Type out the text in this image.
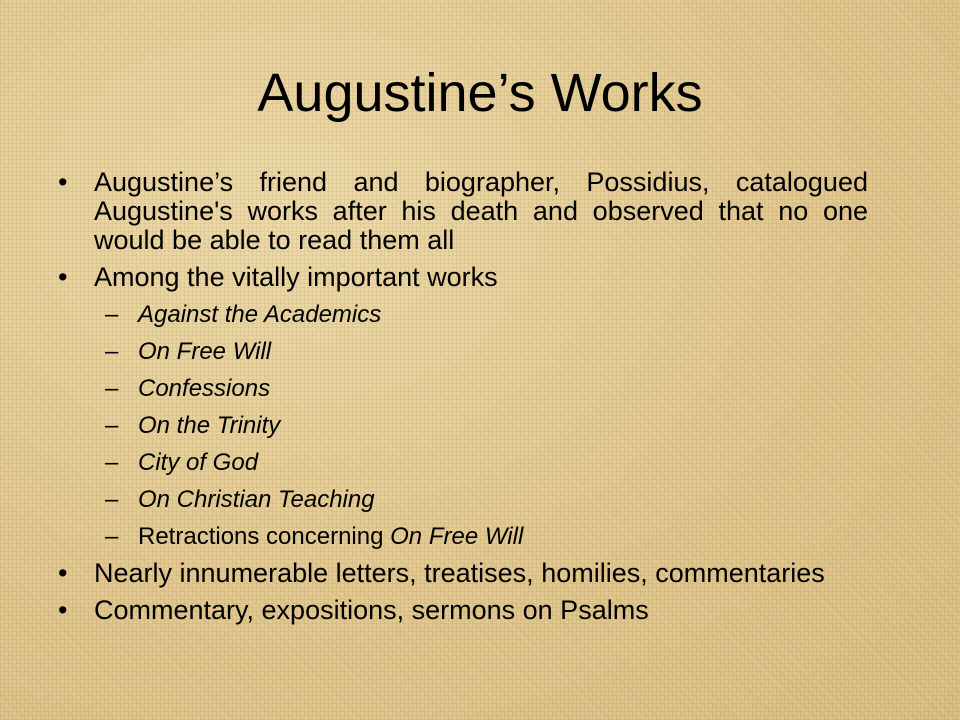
Augustine’s Works
• Augustine’s friend and biographer, Possidius, catalogued Augustine's works after his death and observed that no one would be able to read them all
• Among the vitally important works
– Against the Academics
– On Free Will
– Confessions
– On the Trinity
– City of God
– On Christian Teaching
– Retractions concerning On Free Will
• Nearly innumerable letters, treatises, homilies, commentaries
• Commentary, expositions, sermons on Psalms
